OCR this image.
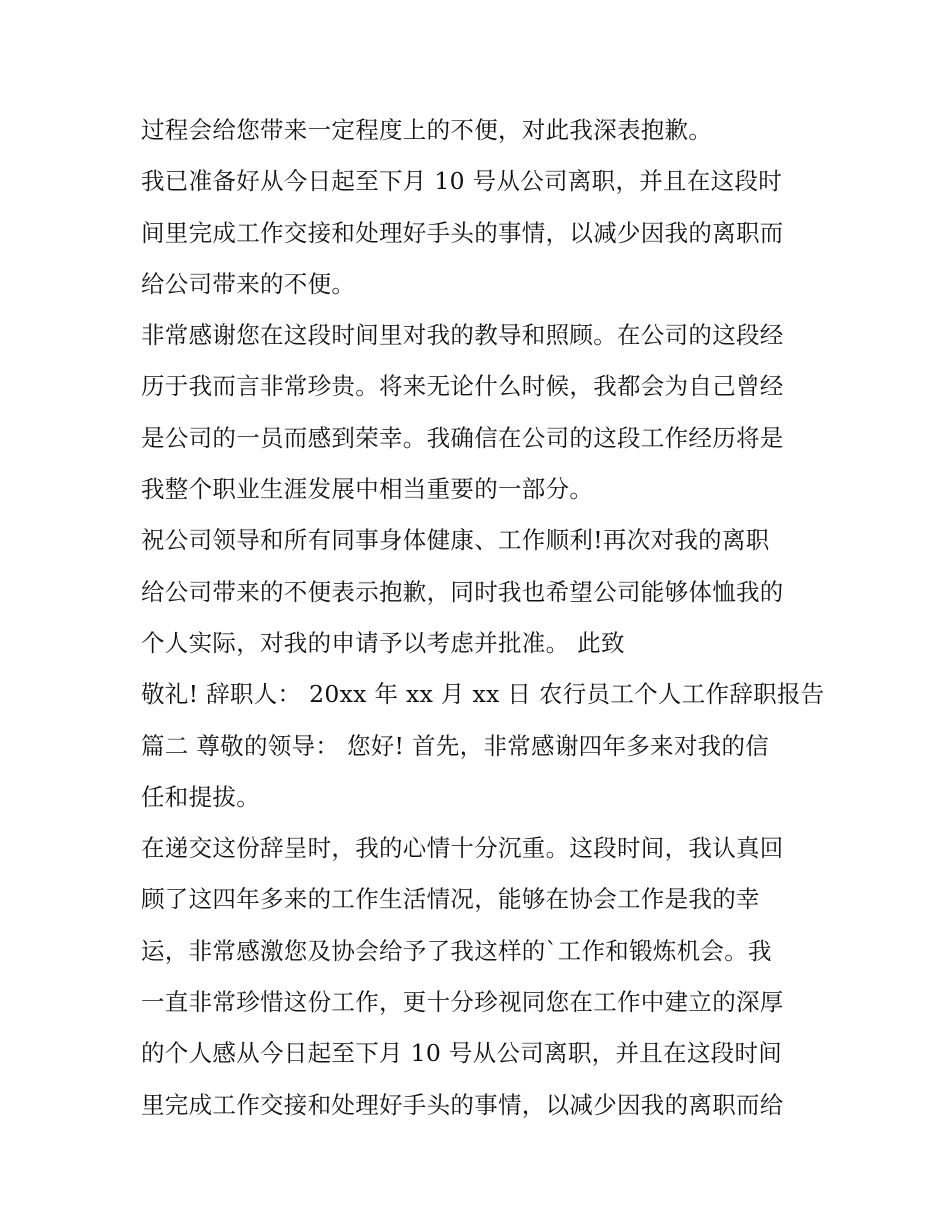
过程会给您带来一定程度上的不便，对此我深表抱歉。
我已准备好从今日起至下月 10 号从公司离职，并且在这段时
间里完成工作交接和处理好手头的事情，以减少因我的离职而
给公司带来的不便。
非常感谢您在这段时间里对我的教导和照顾。在公司的这段经
历于我而言非常珍贵。将来无论什么时候，我都会为自己曾经
是公司的一员而感到荣幸。我确信在公司的这段工作经历将是
我整个职业生涯发展中相当重要的一部分。
祝公司领导和所有同事身体健康、工作顺利!再次对我的离职
给公司带来的不便表示抱歉，同时我也希望公司能够体恤我的
个人实际，对我的申请予以考虑并批准。 此致
敬礼! 辞职人： 20xx 年 xx 月 xx 日 农行员工个人工作辞职报告
篇二 尊敬的领导： 您好! 首先，非常感谢四年多来对我的信
任和提拔。
在递交这份辞呈时，我的心情十分沉重。这段时间，我认真回
顾了这四年多来的工作生活情况，能够在协会工作是我的幸
运，非常感激您及协会给予了我这样的`工作和锻炼机会。我
一直非常珍惜这份工作，更十分珍视同您在工作中建立的深厚
的个人感从今日起至下月 10 号从公司离职，并且在这段时间
里完成工作交接和处理好手头的事情，以减少因我的离职而给
